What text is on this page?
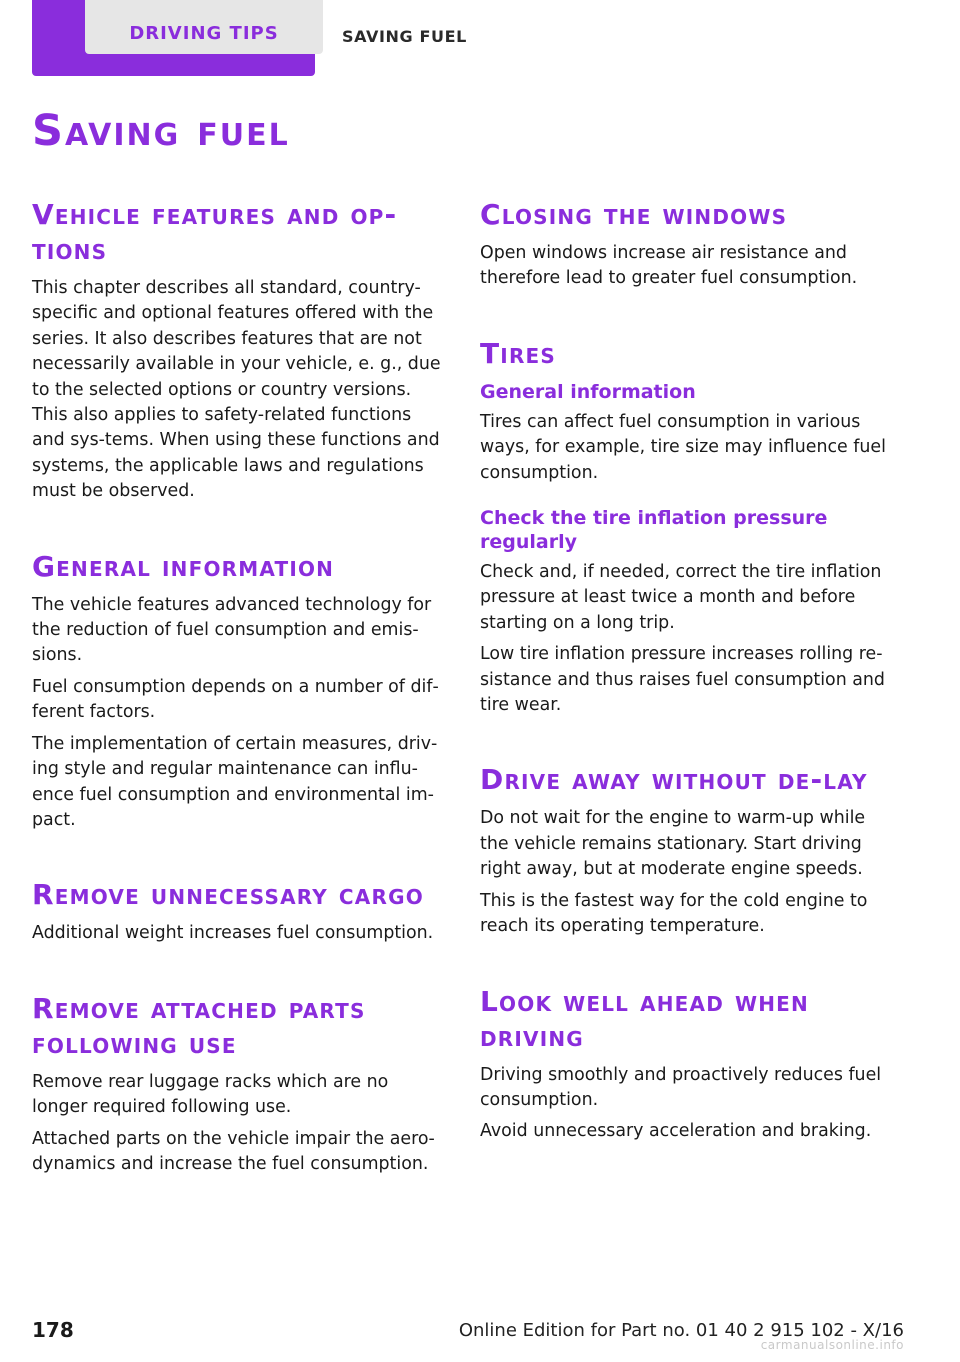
DRIVING TIPS	SAVING FUEL
Saving fuel
Vehicle features and op‐tions

This chapter describes all standard, country-specific and optional features offered with the series. It also describes features that are not necessarily available in your vehicle, e. g., due to the selected options or country versions. This also applies to safety-related functions and sys‐tems. When using these functions and systems, the applicable laws and regulations must be observed.

General information

The vehicle features advanced technology for the reduction of fuel consumption and emis‐sions.

Fuel consumption depends on a number of dif‐ferent factors.

The implementation of certain measures, driv‐ing style and regular maintenance can influ‐ence fuel consumption and environmental im‐pact.

Remove unnecessary cargo

Additional weight increases fuel consumption.

Remove attached parts following use

Remove rear luggage racks which are no longer required following use.

Attached parts on the vehicle impair the aero‐dynamics and increase the fuel consumption.

Closing the windows

Open windows increase air resistance and therefore lead to greater fuel consumption.

Tires
General information

Tires can affect fuel consumption in various ways, for example, tire size may influence fuel consumption.

Check the tire inflation pressure regularly

Check and, if needed, correct the tire inflation pressure at least twice a month and before starting on a long trip.

Low tire inflation pressure increases rolling re‐sistance and thus raises fuel consumption and tire wear.

Drive away without de‐lay

Do not wait for the engine to warm-up while the vehicle remains stationary. Start driving right away, but at moderate engine speeds.

This is the fastest way for the cold engine to reach its operating temperature.

Look well ahead when driving

Driving smoothly and proactively reduces fuel consumption.

Avoid unnecessary acceleration and braking.

178	Online Edition for Part no. 01 40 2 915 102 - X/16
carmanualsonline.info
